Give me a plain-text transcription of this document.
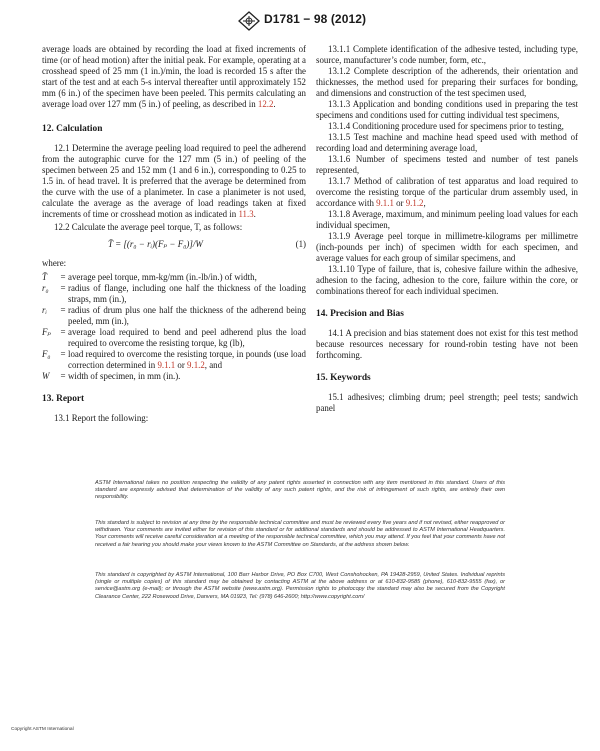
D1781 − 98 (2012)

average loads are obtained by recording the load at fixed increments of time (or of head motion) after the initial peak. For example, operating at a crosshead speed of 25 mm (1 in.)/min, the load is recorded 15 s after the start of the test and at each 5-s interval thereafter until approximately 152 mm (6 in.) of the specimen have been peeled. This permits calculating an average load over 127 mm (5 in.) of peeling, as described in 12.2.

12. Calculation

12.1 Determine the average peeling load required to peel the adherend from the autographic curve for the 127 mm (5 in.) of peeling of the specimen between 25 and 152 mm (1 and 6 in.), corresponding to 0.25 to 1.5 in. of head travel. It is preferred that the average be determined from the curve with the use of a planimeter. In case a planimeter is not used, calculate the average as the average of load readings taken at fixed increments of time or crosshead motion as indicated in 11.3.

12.2 Calculate the average peel torque, T, as follows:

T̄ = [(r₀ − rᵢ)(Fₚ − F₀)]/W	(1)

where:

T̄	=	average peel torque, mm-kg/mm (in.-lb/in.) of width,
r₀	=	radius of flange, including one half the thickness of the loading straps, mm (in.),
rᵢ	=	radius of drum plus one half the thickness of the adherend being peeled, mm (in.),
Fₚ	=	average load required to bend and peel adherend plus the load required to overcome the resisting torque, kg (lb),
F₀	=	load required to overcome the resisting torque, in pounds (use load correction determined in 9.1.1 or 9.1.2, and
W	=	width of specimen, in mm (in.).

13. Report

13.1 Report the following:

13.1.1 Complete identification of the adhesive tested, including type, source, manufacturer’s code number, form, etc.,

13.1.2 Complete description of the adherends, their orientation and thicknesses, the method used for preparing their surfaces for bonding, and dimensions and construction of the test specimen used,

13.1.3 Application and bonding conditions used in preparing the test specimens and conditions used for cutting individual test specimens,

13.1.4 Conditioning procedure used for specimens prior to testing,

13.1.5 Test machine and machine head speed used with method of recording load and determining average load,

13.1.6 Number of specimens tested and number of test panels represented,

13.1.7 Method of calibration of test apparatus and load required to overcome the resisting torque of the particular drum assembly used, in accordance with 9.1.1 or 9.1.2,

13.1.8 Average, maximum, and minimum peeling load values for each individual specimen,

13.1.9 Average peel torque in millimetre-kilograms per millimetre (inch-pounds per inch) of specimen width for each specimen, and average values for each group of similar specimens, and

13.1.10 Type of failure, that is, cohesive failure within the adhesive, adhesion to the facing, adhesion to the core, failure within the core, or combinations thereof for each individual specimen.

14. Precision and Bias

14.1 A precision and bias statement does not exist for this test method because resources necessary for round-robin testing have not been forthcoming.

15. Keywords

15.1 adhesives; climbing drum; peel strength; peel tests; sandwich panel

ASTM International takes no position respecting the validity of any patent rights asserted in connection with any item mentioned in this standard. Users of this standard are expressly advised that determination of the validity of any such patent rights, and the risk of infringement of such rights, are entirely their own responsibility.

This standard is subject to revision at any time by the responsible technical committee and must be reviewed every five years and if not revised, either reapproved or withdrawn. Your comments are invited either for revision of this standard or for additional standards and should be addressed to ASTM International Headquarters. Your comments will receive careful consideration at a meeting of the responsible technical committee, which you may attend. If you feel that your comments have not received a fair hearing you should make your views known to the ASTM Committee on Standards, at the address shown below.

This standard is copyrighted by ASTM International, 100 Barr Harbor Drive, PO Box C700, West Conshohocken, PA 19428-2959, United States. Individual reprints (single or multiple copies) of this standard may be obtained by contacting ASTM at the above address or at 610-832-9585 (phone), 610-832-9555 (fax), or service@astm.org (e-mail); or through the ASTM website (www.astm.org). Permission rights to photocopy the standard may also be secured from the Copyright Clearance Center, 222 Rosewood Drive, Danvers, MA 01923, Tel: (978) 646-2600; http://www.copyright.com/

Copyright ASTM International
